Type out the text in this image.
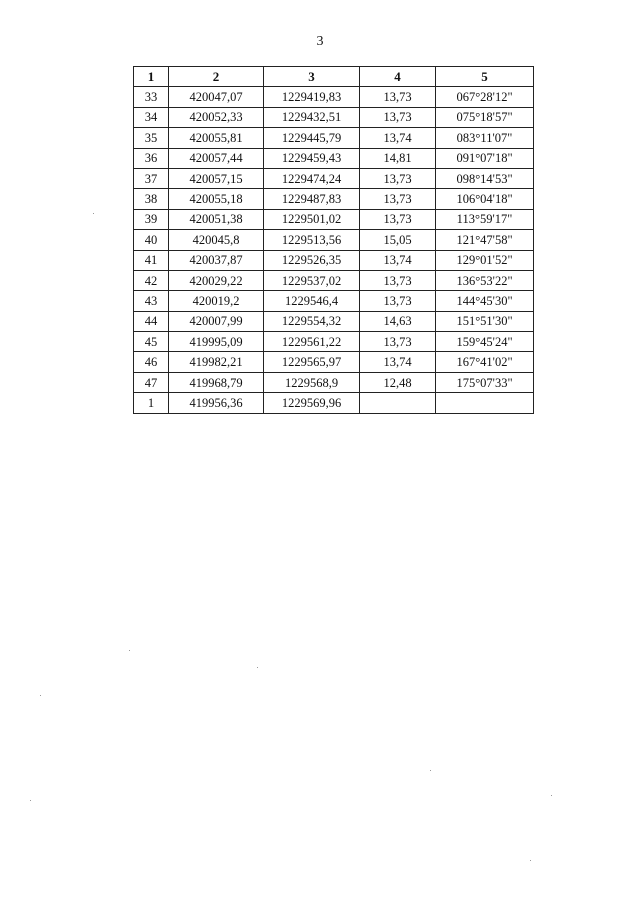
3
1	2	3	4	5
33	420047,07	1229419,83	13,73	067°28'12"
34	420052,33	1229432,51	13,73	075°18'57"
35	420055,81	1229445,79	13,74	083°11'07"
36	420057,44	1229459,43	14,81	091°07'18"
37	420057,15	1229474,24	13,73	098°14'53"
38	420055,18	1229487,83	13,73	106°04'18"
39	420051,38	1229501,02	13,73	113°59'17"
40	420045,8	1229513,56	15,05	121°47'58"
41	420037,87	1229526,35	13,74	129°01'52"
42	420029,22	1229537,02	13,73	136°53'22"
43	420019,2	1229546,4	13,73	144°45'30"
44	420007,99	1229554,32	14,63	151°51'30"
45	419995,09	1229561,22	13,73	159°45'24"
46	419982,21	1229565,97	13,74	167°41'02"
47	419968,79	1229568,9	12,48	175°07'33"
1	419956,36	1229569,96		
